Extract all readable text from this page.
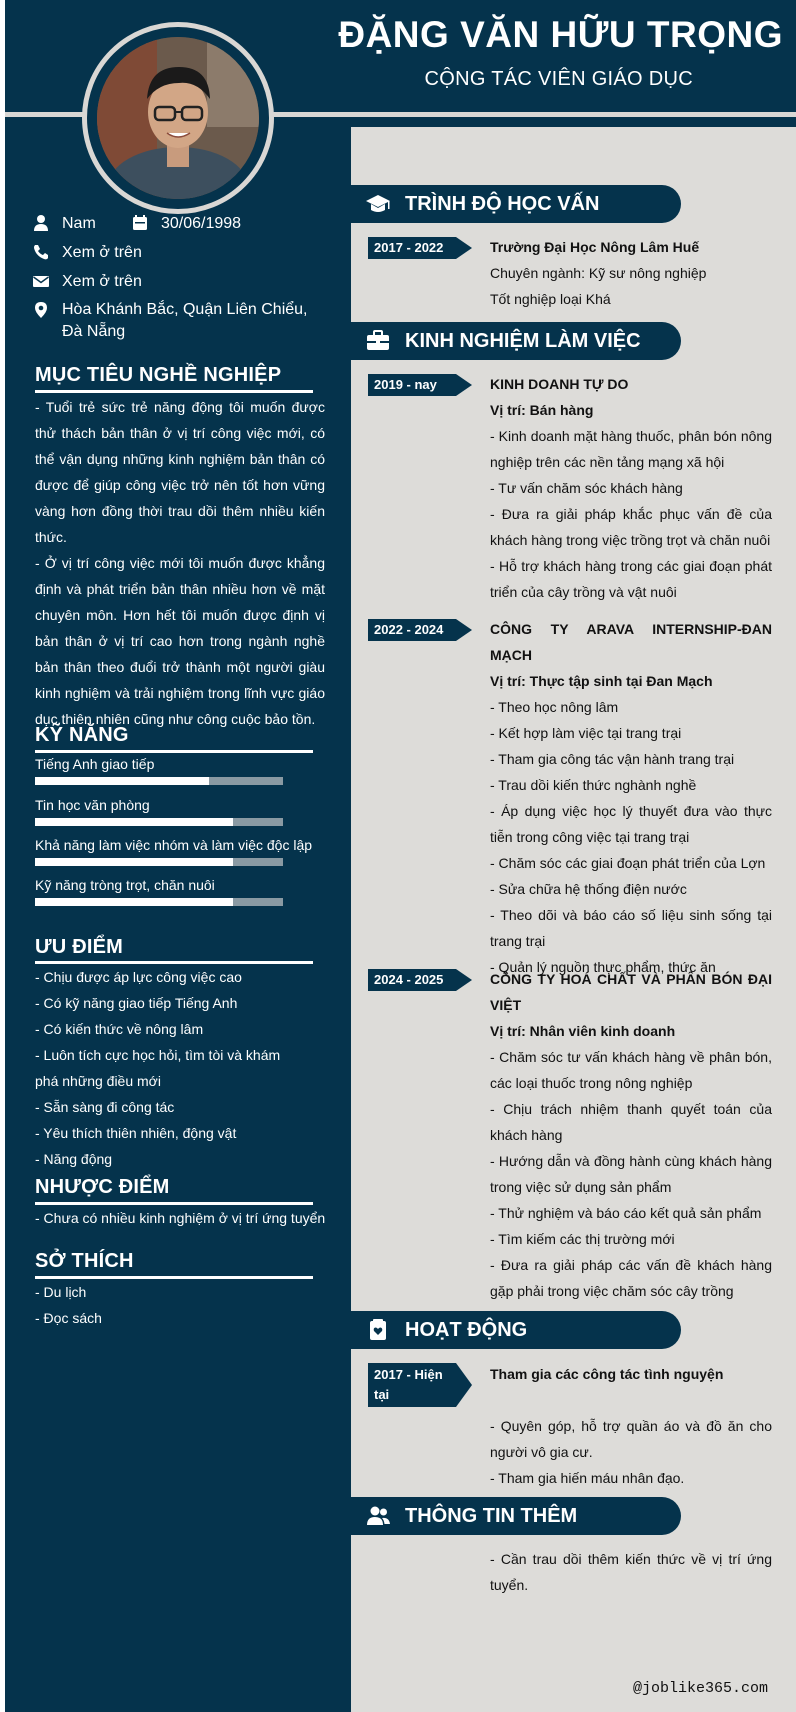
ĐẶNG VĂN HỮU TRỌNG
CỘNG TÁC VIÊN GIÁO DỤC
Nam	30/06/1998
Xem ở trên
Xem ở trên
Hòa Khánh Bắc, Quận Liên Chiểu, Đà Nẵng
MỤC TIÊU NGHỀ NGHIỆP

- Tuổi trẻ sức trẻ năng động tôi muốn được thử thách bản thân ở vị trí công việc mới, có thể vận dụng những kinh nghiệm bản thân có được để giúp công việc trở nên tốt hơn vững vàng hơn đồng thời trau dồi thêm nhiều kiến thức.

- Ở vị trí công việc mới tôi muốn được khẳng định và phát triển bản thân nhiều hơn về mặt chuyên môn. Hơn hết tôi muốn được định vị bản thân ở vị trí cao hơn trong ngành nghề bản thân theo đuổi trở thành một người giàu kinh nghiệm và trải nghiệm trong lĩnh vực giáo dục thiên nhiên cũng như công cuộc bảo tồn.

KỸ NĂNG
Tiếng Anh giao tiếp
Tin học văn phòng
Khả năng làm việc nhóm và làm việc độc lập
Kỹ năng tròng trọt, chăn nuôi
ƯU ĐIỂM
- Chịu được áp lực công việc cao
- Có kỹ năng giao tiếp Tiếng Anh
- Có kiến thức về nông lâm
- Luôn tích cực học hỏi, tìm tòi và khám phá những điều mới
- Sẵn sàng đi công tác
- Yêu thích thiên nhiên, động vật
- Năng động
NHƯỢC ĐIỂM
- Chưa có nhiều kinh nghiệm ở vị trí ứng tuyển
SỞ THÍCH
- Du lịch
- Đọc sách
TRÌNH ĐỘ HỌC VẤN
2017 - 2022	Trường Đại Học Nông Lâm Huế

Chuyên ngành: Kỹ sư nông nghiệp

Tốt nghiệp loại Khá

KINH NGHIỆM LÀM VIỆC
2019 - nay	KINH DOANH TỰ DO

Vị trí: Bán hàng

- Kinh doanh mặt hàng thuốc, phân bón nông nghiệp trên các nền tảng mạng xã hội

- Tư vấn chăm sóc khách hàng

- Đưa ra giải pháp khắc phục vấn đề của khách hàng trong việc trồng trọt và chăn nuôi

- Hỗ trợ khách hàng trong các giai đoạn phát triển của cây trồng và vật nuôi

2022 - 2024	CÔNG TY ARAVA INTERNSHIP-ĐAN MẠCH

Vị trí: Thực tập sinh tại Đan Mạch

- Theo học nông lâm

- Kết hợp làm việc tại trang trại

- Tham gia công tác vận hành trang trại

- Trau dồi kiến thức nghành nghề

- Áp dụng việc học lý thuyết đưa vào thực tiễn trong công việc tại trang trại

- Chăm sóc các giai đoạn phát triển của Lợn

- Sửa chữa hệ thống điện nước

- Theo dõi và báo cáo số liệu sinh sống tại trang trại

- Quản lý nguồn thực phẩm, thức ăn

2024 - 2025	CÔNG TY HOÁ CHẤT VÀ PHÂN BÓN ĐẠI VIỆT

Vị trí: Nhân viên kinh doanh

- Chăm sóc tư vấn khách hàng về phân bón, các loại thuốc trong nông nghiệp

- Chịu trách nhiệm thanh quyết toán của khách hàng

- Hướng dẫn và đồng hành cùng khách hàng trong việc sử dụng sản phẩm

- Thử nghiệm và báo cáo kết quả sản phẩm

- Tìm kiếm các thị trường mới

- Đưa ra giải pháp các vấn đề khách hàng gặp phải trong việc chăm sóc cây trồng

HOẠT ĐỘNG
2017 - Hiện tại

Tham gia các công tác tình nguyện

- Quyên góp, hỗ trợ quần áo và đồ ăn cho người vô gia cư.

- Tham gia hiến máu nhân đạo.

THÔNG TIN THÊM

- Cần trau dồi thêm kiến thức về vị trí ứng tuyển.

@joblike365.com
